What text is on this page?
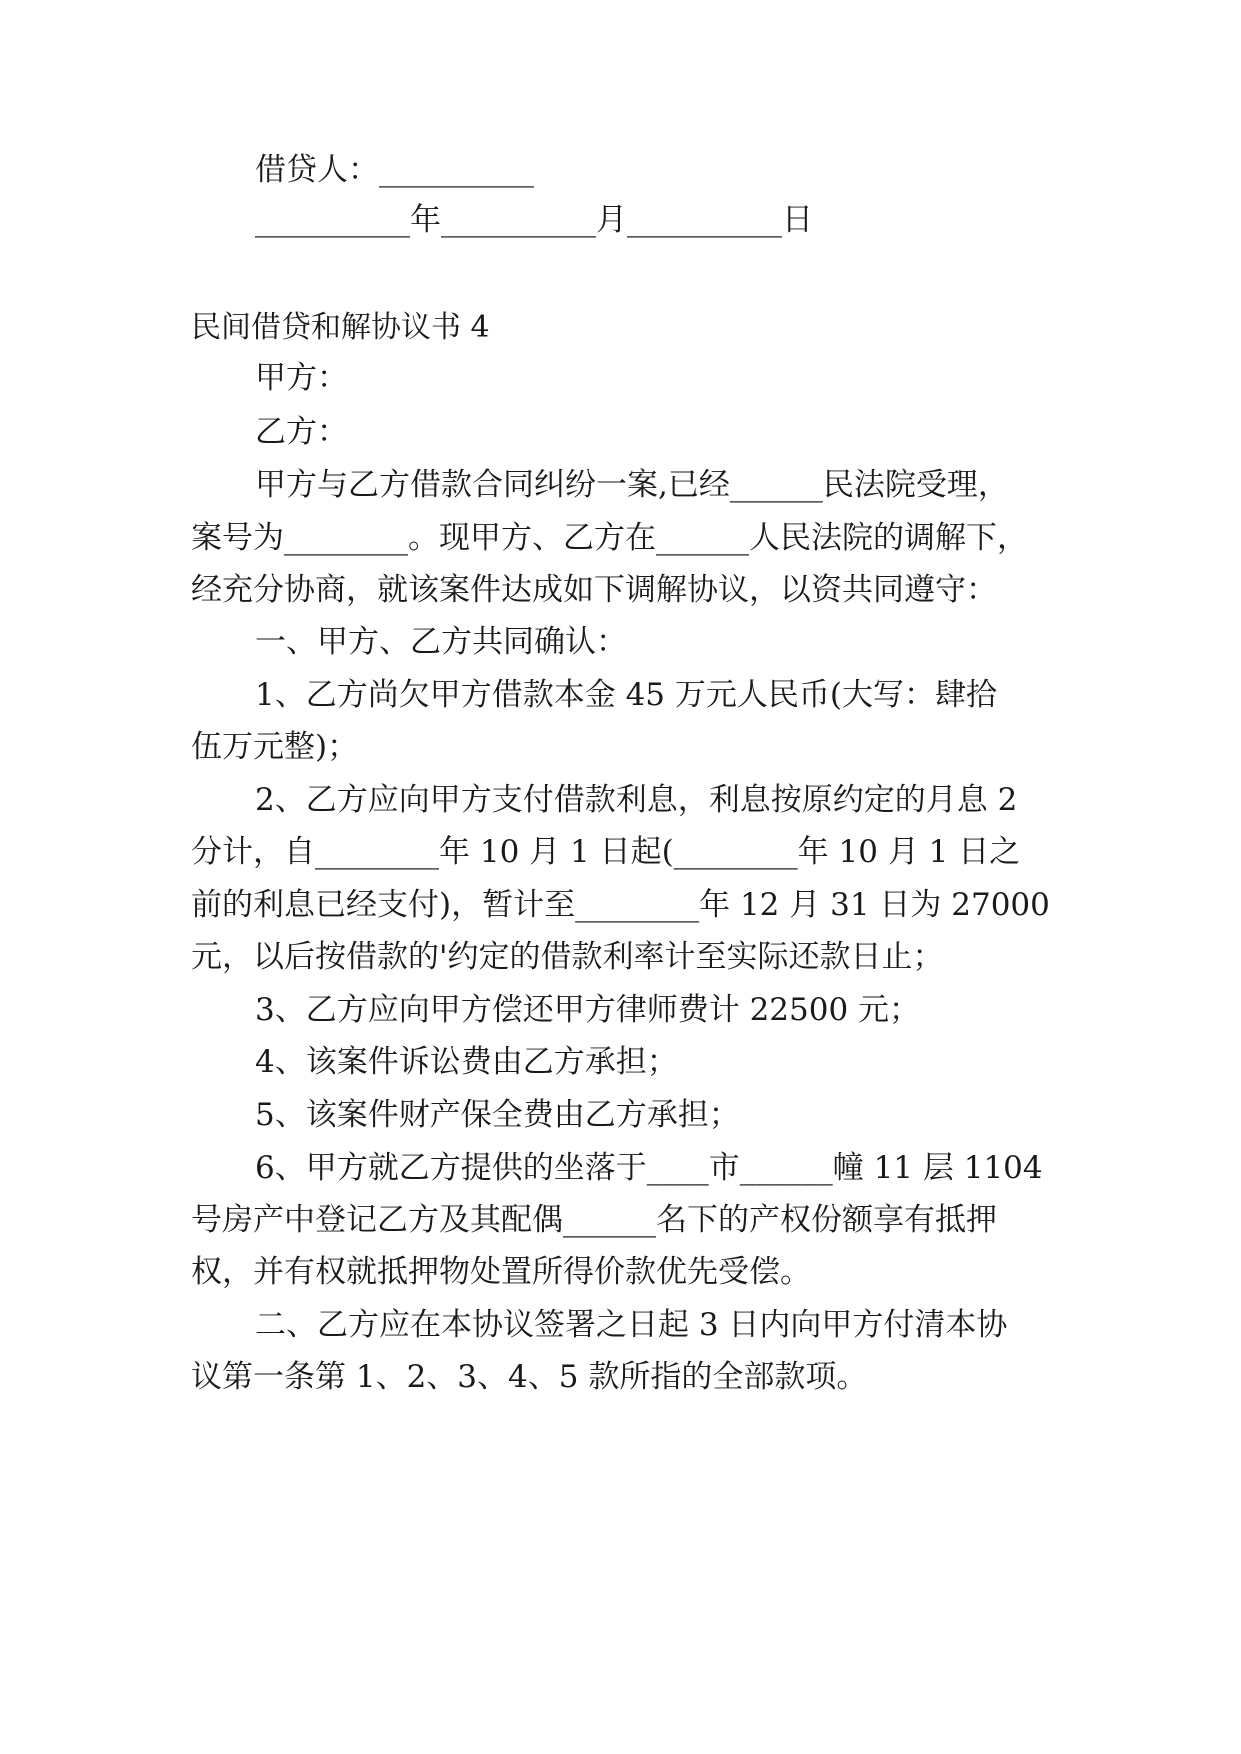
借贷人：__________

__________年__________月__________日

民间借贷和解协议书 4

甲方：

乙方：

甲方与乙方借款合同纠纷一案,已经______民法院受理，

案号为________。现甲方、乙方在______人民法院的调解下，

经充分协商，就该案件达成如下调解协议，以资共同遵守：

一、甲方、乙方共同确认：

1、乙方尚欠甲方借款本金 45 万元人民币(大写：肆拾

伍万元整)；

2、乙方应向甲方支付借款利息，利息按原约定的月息 2

分计，自________年 10 月 1 日起(________年 10 月 1 日之

前的利息已经支付)，暂计至________年 12 月 31 日为 27000

元，以后按借款的'约定的借款利率计至实际还款日止；

3、乙方应向甲方偿还甲方律师费计 22500 元；

4、该案件诉讼费由乙方承担；

5、该案件财产保全费由乙方承担；

6、甲方就乙方提供的坐落于____市______幢 11 层 1104

号房产中登记乙方及其配偶______名下的产权份额享有抵押

权，并有权就抵押物处置所得价款优先受偿。

二、乙方应在本协议签署之日起 3 日内向甲方付清本协

议第一条第 1、2、3、4、5 款所指的全部款项。
